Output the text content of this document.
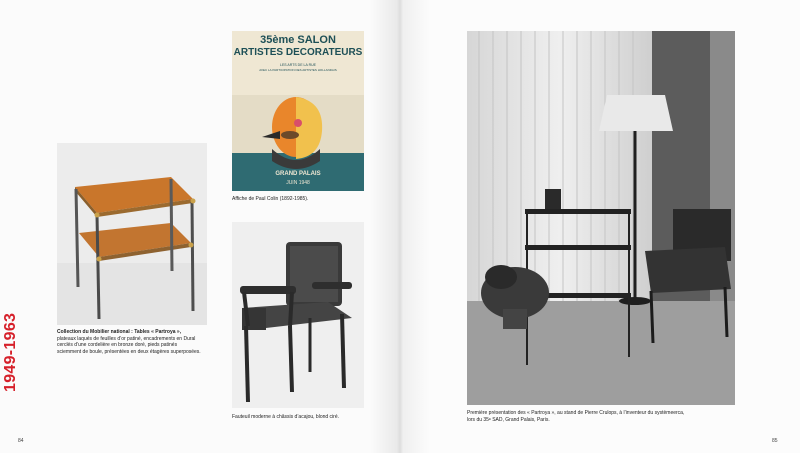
1949-1963	Collection du Mobilier national : Tables « Partroya »,
plateaux laqués de feuilles d’or patiné, encadrements en Dural
cerclés d’une cordelière en bronze doré, pieds patinés
sciemment de boule, présentées en deux étagères superposées.
35ème SALON
ARTISTES DECORATEURS
LES ARTS DE LA RUE
AVEC LA PARTICIPATION DES ARTISTES HOLLANDAIS
GRAND PALAIS
JUIN 1948
Affiche de Paul Colin (1892-1985).
Fauteuil moderne à châssis d’acajou, blond ciré.
Première présentation des « Partroya », au stand de Pierre Crulops, à l’inventeur du systèmeerca,
lors du 35ᵉ SAD, Grand Palais, Paris.
84	85
